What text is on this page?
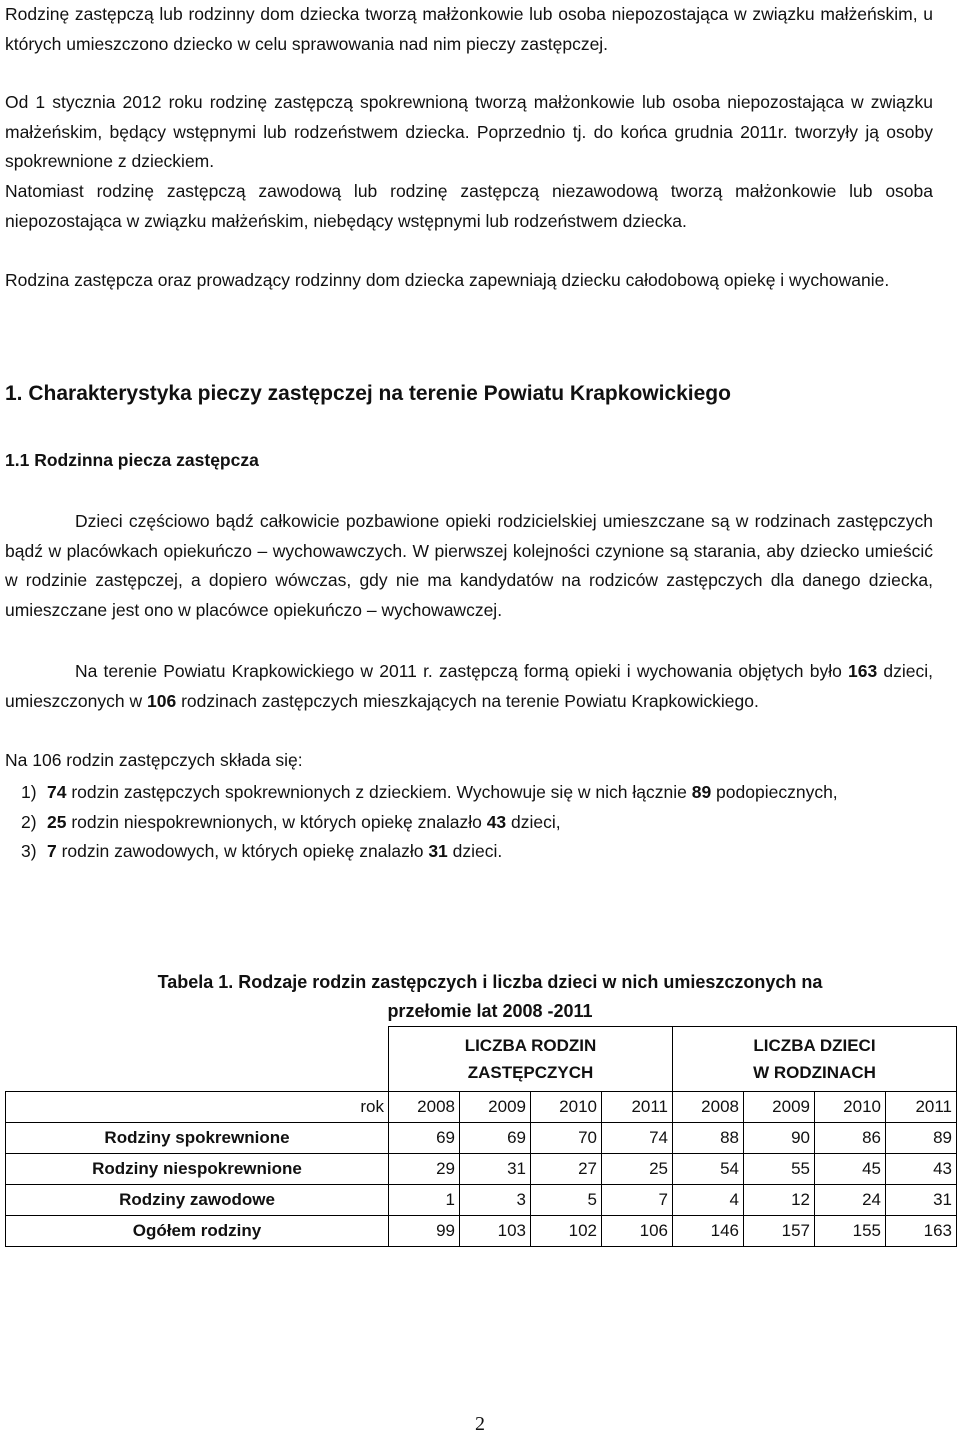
Rodzinę zastępczą lub rodzinny dom dziecka tworzą małżonkowie lub osoba niepozostająca w związku małżeńskim, u których umieszczono dziecko w celu sprawowania nad nim pieczy zastępczej.

Od 1 stycznia 2012 roku rodzinę zastępczą spokrewnioną tworzą małżonkowie lub osoba niepozostająca w związku małżeńskim, będący wstępnymi lub rodzeństwem dziecka. Poprzednio tj. do końca grudnia 2011r. tworzyły ją osoby spokrewnione z dzieckiem.

Natomiast rodzinę zastępczą zawodową lub rodzinę zastępczą niezawodową tworzą małżonkowie lub osoba niepozostająca w związku małżeńskim, niebędący wstępnymi lub rodzeństwem dziecka.

Rodzina zastępcza oraz prowadzący rodzinny dom dziecka zapewniają dziecku całodobową opiekę i wychowanie.

1. Charakterystyka pieczy zastępczej na terenie Powiatu Krapkowickiego
1.1 Rodzinna piecza zastępcza

Dzieci częściowo bądź całkowicie pozbawione opieki rodzicielskiej umieszczane są w rodzinach zastępczych bądź w placówkach opiekuńczo – wychowawczych. W pierwszej kolejności czynione są starania, aby dziecko umieścić w rodzinie zastępczej, a dopiero wówczas, gdy nie ma kandydatów na rodziców zastępczych dla danego dziecka, umieszczane jest ono w placówce opiekuńczo – wychowawczej.

Na terenie Powiatu Krapkowickiego w 2011 r. zastępczą formą opieki i wychowania objętych było 163 dzieci, umieszczonych w 106 rodzinach zastępczych mieszkających na terenie Powiatu Krapkowickiego.

Na 106 rodzin zastępczych składa się:

1) 74 rodzin zastępczych spokrewnionych z dzieckiem. Wychowuje się w nich łącznie 89 podopiecznych,
2) 25 rodzin niespokrewnionych, w których opiekę znalazło 43 dzieci,
3) 7 rodzin zawodowych, w których opiekę znalazło 31 dzieci.

Tabela 1. Rodzaje rodzin zastępczych i liczba dzieci w nich umieszczonych na
przełomie lat 2008 -2011

	LICZBA RODZIN
ZASTĘPCZYCH				LICZBA DZIECI
W RODZINACH			
rok	2008	2009	2010	2011	2008	2009	2010	2011
Rodziny spokrewnione	69	69	70	74	88	90	86	89
Rodziny niespokrewnione	29	31	27	25	54	55	45	43
Rodziny zawodowe	1	3	5	7	4	12	24	31
Ogółem rodziny	99	103	102	106	146	157	155	163
2
